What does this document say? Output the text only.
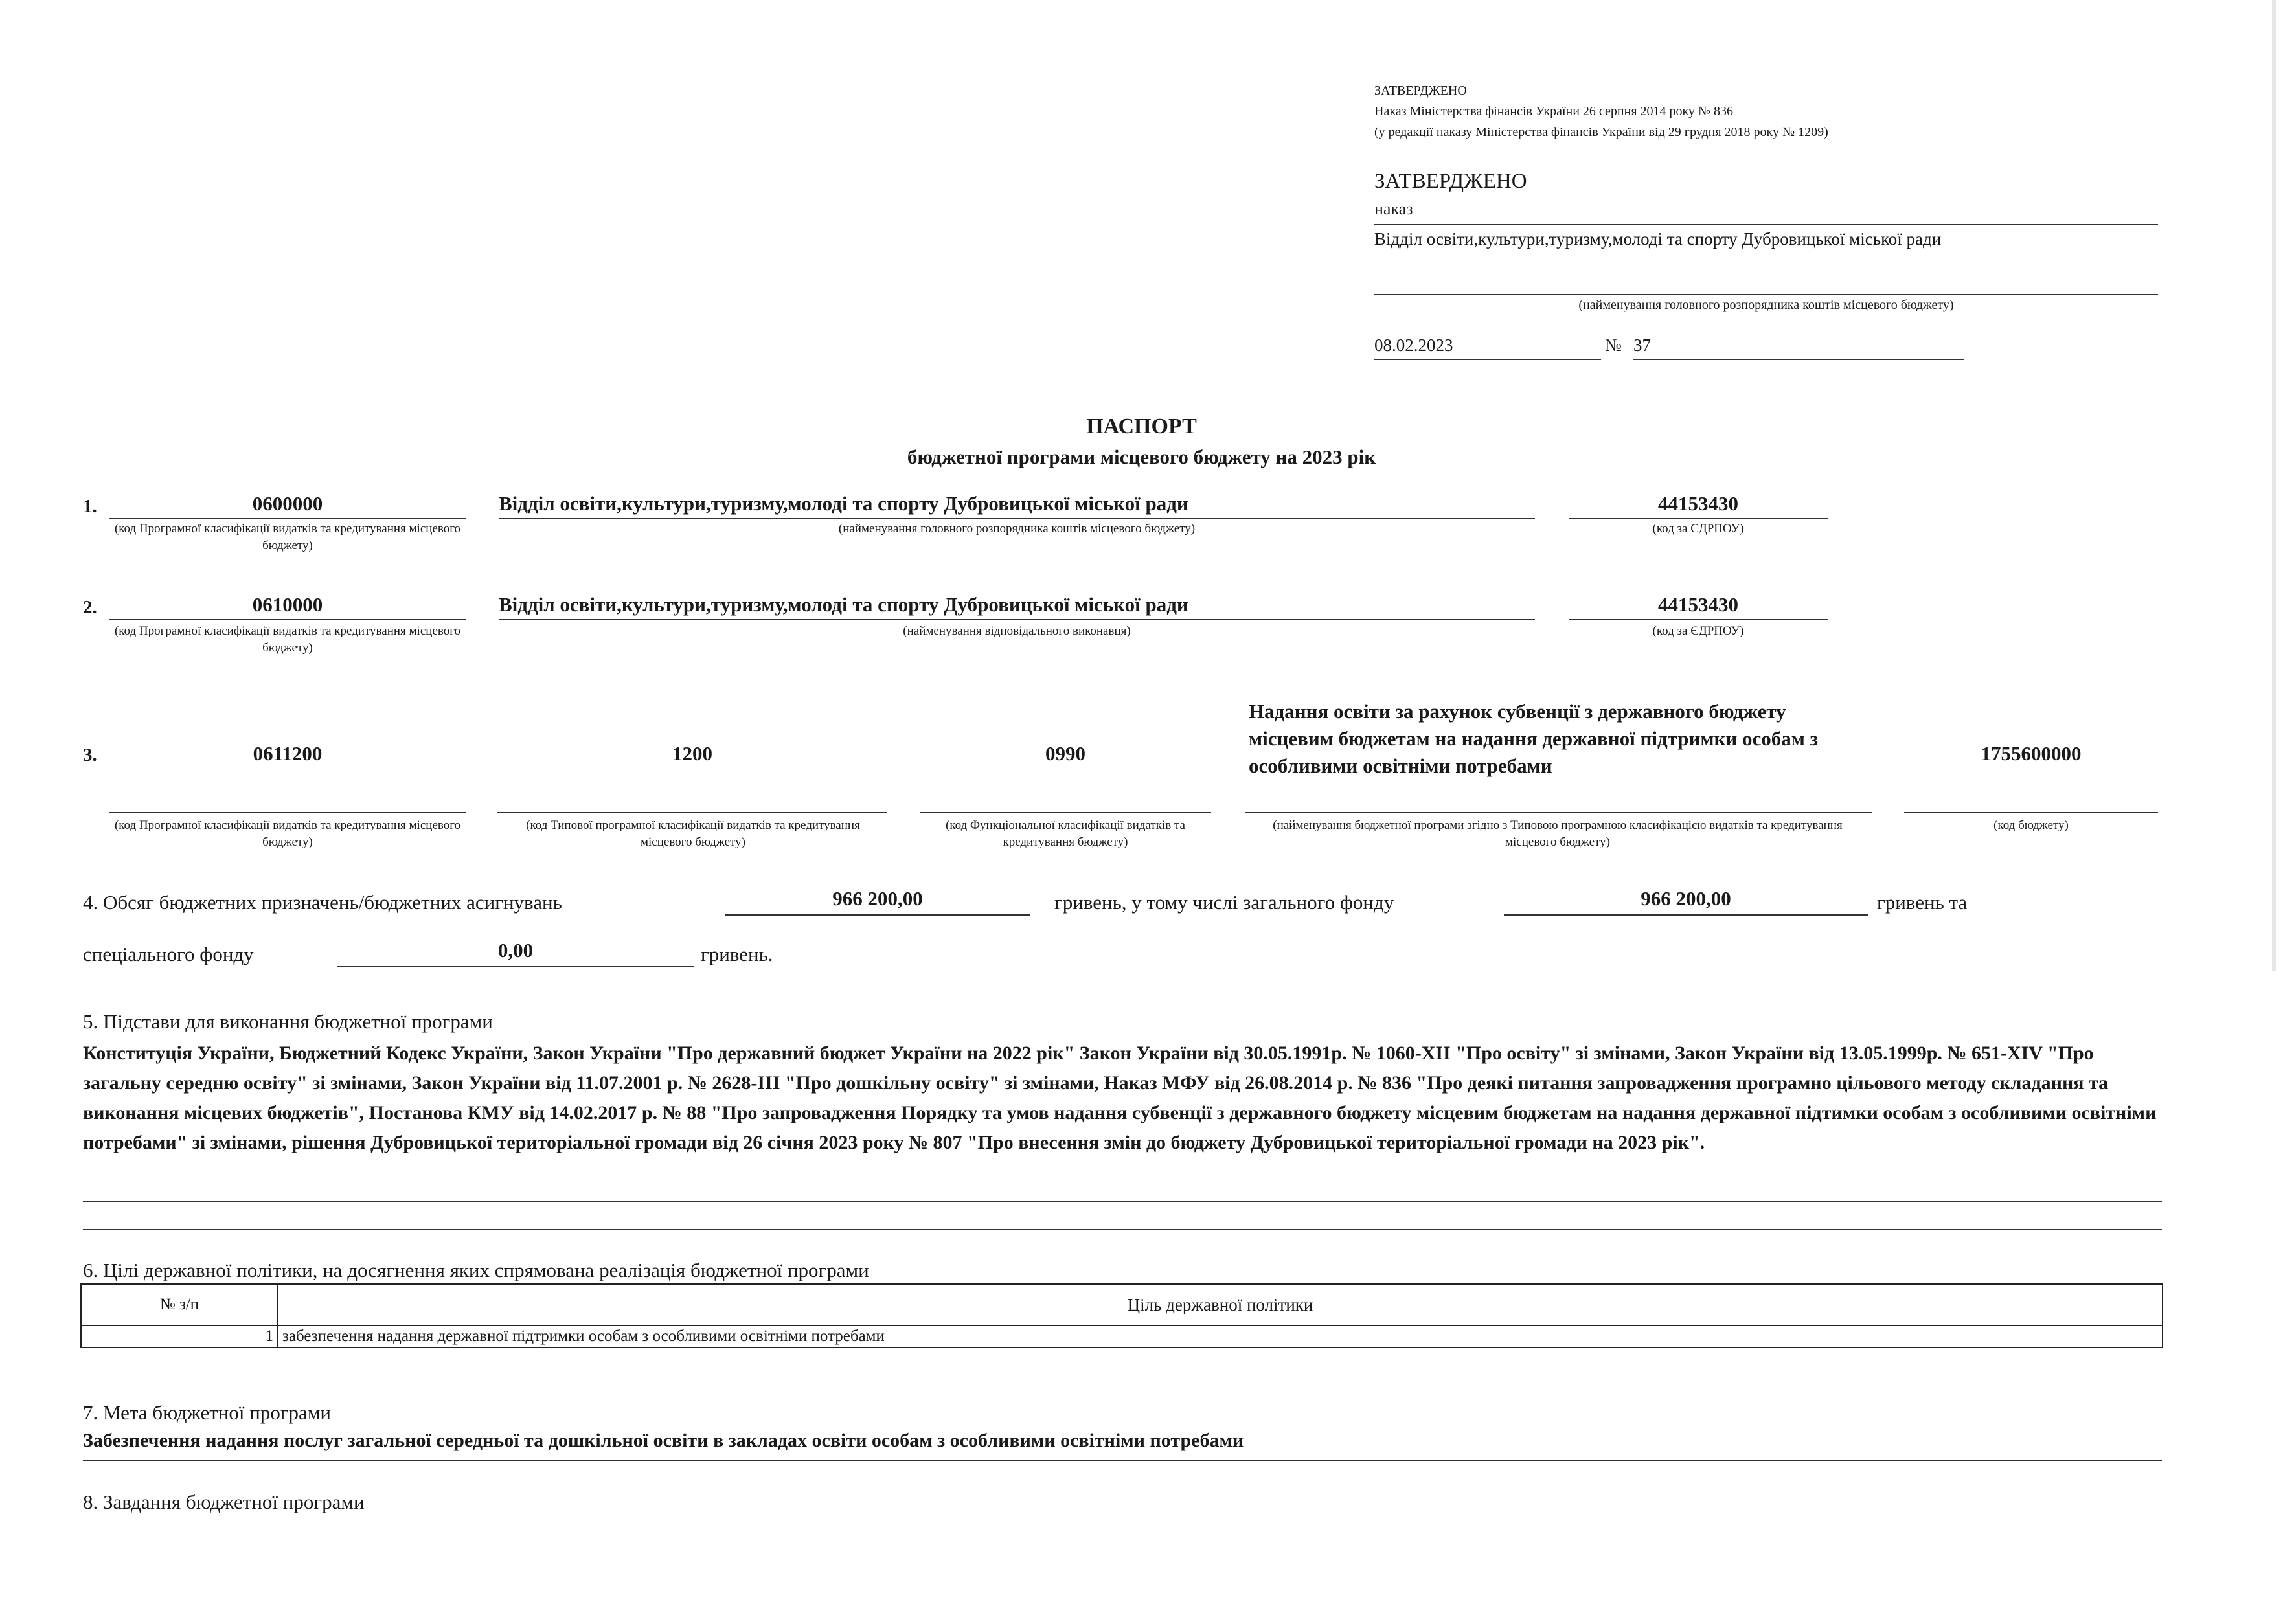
ЗАТВЕРДЖЕНО
Наказ Міністерства фінансів України 26 серпня 2014 року № 836
(у редакції наказу Міністерства фінансів України від 29 грудня 2018 року № 1209)
ЗАТВЕРДЖЕНО
наказ
Відділ освіти,культури,туризму,молоді та спорту Дубровицької міської ради
(найменування головного розпорядника коштів місцевого бюджету)
08.02.2023	№ 37
ПАСПОРТ
бюджетної програми місцевого бюджету на 2023 рік
1.	0600000
(код Програмної класифікації видатків та кредитування місцевого бюджету)
Відділ освіти,культури,туризму,молоді та спорту Дубровицької міської ради
(найменування головного розпорядника коштів місцевого бюджету)
44153430
(код за ЄДРПОУ)
2.	0610000
(код Програмної класифікації видатків та кредитування місцевого бюджету)
Відділ освіти,культури,туризму,молоді та спорту Дубровицької міської ради
(найменування відповідального виконавця)
44153430
(код за ЄДРПОУ)
3.	0611200
(код Програмної класифікації видатків та кредитування місцевого бюджету)
1200
(код Типової програмної класифікації видатків та кредитування місцевого бюджету)
0990
(код Функціональної класифікації видатків та кредитування бюджету)
Надання освіти за рахунок субвенції з державного бюджету місцевим бюджетам на надання державної підтримки особам з особливими освітніми потребами
(найменування бюджетної програми згідно з Типовою програмною класифікацією видатків та кредитування місцевого бюджету)
1755600000
(код бюджету)
4. Обсяг бюджетних призначень/бюджетних асигнувань	966 200,00	гривень, у тому числі загального фонду	966 200,00	гривень та
спеціального фонду	0,00	гривень.
5. Підстави для виконання бюджетної програми
Конституція України, Бюджетний Кодекс України, Закон України "Про державний бюджет України на 2022 рік" Закон України від 30.05.1991р. № 1060-ХІІ "Про освіту" зі змінами, Закон України від 13.05.1999р. № 651-XIV "Про загальну середню освіту" зі змінами, Закон України від 11.07.2001 р. № 2628-ІІІ "Про дошкільну освіту" зі змінами, Наказ МФУ від 26.08.2014 р. № 836 "Про деякі питання запровадження програмно цільового методу складання та виконання місцевих бюджетів", Постанова КМУ від 14.02.2017 р. № 88 "Про запровадження Порядку та умов надання субвенції з державного бюджету місцевим бюджетам на надання державної підтимки особам з особливими освітніми потребами" зі змінами, рішення Дубровицької територіальної громади від 26 січня 2023 року № 807 "Про внесення змін до бюджету Дубровицької територіальної громади на 2023 рік".
6. Цілі державної політики, на досягнення яких спрямована реалізація бюджетної програми
№ з/п	Ціль державної політики
1	забезпечення надання державної підтримки особам з особливими освітніми потребами
7. Мета бюджетної програми
Забезпечення надання послуг загальної середньої та дошкільної освіти в закладах освіти особам з особливими освітніми потребами
8. Завдання бюджетної програми
